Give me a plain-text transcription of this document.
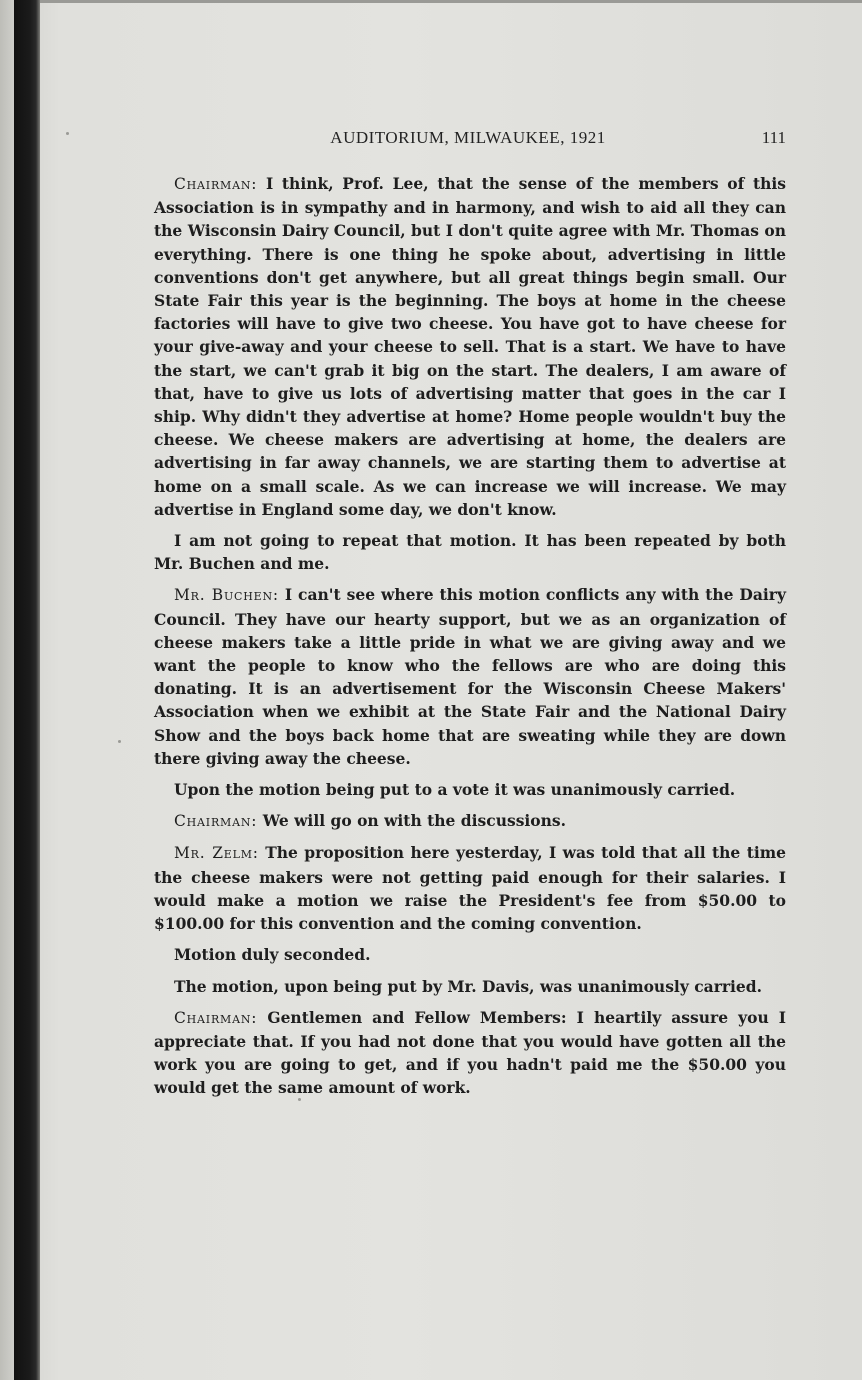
AUDITORIUM, MILWAUKEE, 1921	111

Chairman: I think, Prof. Lee, that the sense of the members of this Association is in sympathy and in harmony, and wish to aid all they can the Wisconsin Dairy Council, but I don't quite agree with Mr. Thomas on everything. There is one thing he spoke about, advertising in little conventions don't get anywhere, but all great things begin small. Our State Fair this year is the beginning. The boys at home in the cheese factories will have to give two cheese. You have got to have cheese for your give-away and your cheese to sell. That is a start. We have to have the start, we can't grab it big on the start. The dealers, I am aware of that, have to give us lots of advertising matter that goes in the car I ship. Why didn't they advertise at home? Home people wouldn't buy the cheese. We cheese makers are advertising at home, the dealers are advertising in far away channels, we are starting them to advertise at home on a small scale. As we can increase we will increase. We may advertise in England some day, we don't know.

I am not going to repeat that motion. It has been repeated by both Mr. Buchen and me.

Mr. Buchen: I can't see where this motion conflicts any with the Dairy Council. They have our hearty support, but we as an organization of cheese makers take a little pride in what we are giving away and we want the people to know who the fellows are who are doing this donating. It is an advertisement for the Wisconsin Cheese Makers' Association when we exhibit at the State Fair and the National Dairy Show and the boys back home that are sweating while they are down there giving away the cheese.

Upon the motion being put to a vote it was unanimously carried.

Chairman: We will go on with the discussions.

Mr. Zelm: The proposition here yesterday, I was told that all the time the cheese makers were not getting paid enough for their salaries. I would make a motion we raise the President's fee from $50.00 to $100.00 for this convention and the coming convention.

Motion duly seconded.

The motion, upon being put by Mr. Davis, was unanimously carried.

Chairman: Gentlemen and Fellow Members: I heartily assure you I appreciate that. If you had not done that you would have gotten all the work you are going to get, and if you hadn't paid me the $50.00 you would get the same amount of work.
